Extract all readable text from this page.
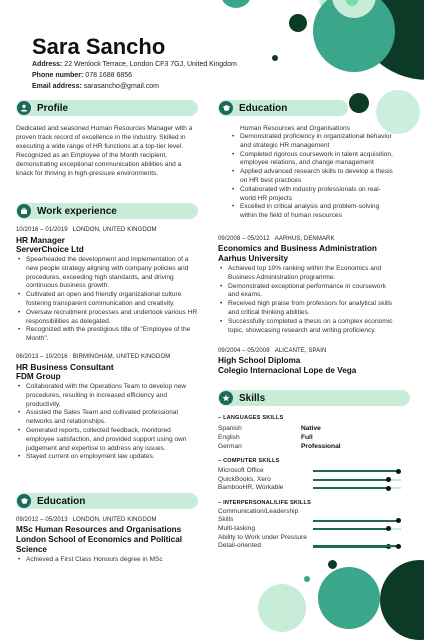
Sara Sancho
Address: 22 Wenlock Terrace, London CF3 7GJ, United Kingdom
Phone number: 078 1688 6856
Email address: sarasancho@gmail.com
Profile
Dedicated and seasoned Human Resources Manager with a proven track record of excellence in the industry. Skilled in executing a wide range of HR functions at a top-tier level. Recognized as an Employee of the Month recipient, demonstrating exceptional communication abilities and a knack for thriving in high-pressure environments.
Work experience
10/2016 – 01/2019 LONDON, UNITED KINGDOM
HR Manager
ServerChoice Ltd
• Spearheaded the development and implementation of a new people strategy aligning with company policies and procedures, exceeding high standards, and driving continuous business growth.
• Cultivated an open and friendly organizational culture fostering transparent communication and creativity.
• Oversaw recruitment processes and undertook various HR responsibilities as delegated.
• Recognized with the prestigious title of "Employee of the Month".
06/2013 – 10/2016 BIRMINGHAM, UNITED KINGDOM
HR Business Consultant
FDM Group
• Collaborated with the Operations Team to develop new procedures, resulting in increased efficiency and productivity.
• Assisted the Sales Team and cultivated professional networks and relationships.
• Generated reports, collected feedback, monitored employee satisfaction, and provided support using own judgement and expertise to address any issues.
• Stayed current on employment law updates.
Education
09/2012 – 05/2013 LONDON, UNITED KINGDOM
MSc Human Resources and Organisations
London School of Economics and Political Science
• Achieved a First Class Honours degree in MSc
Education
Human Resources and Organisations
• Demonstrated proficiency in organizational behavior and strategic HR management
• Completed rigorous coursework in talent acquisition, employee relations, and change management
• Applied advanced research skills to develop a thesis on HR best practices
• Collaborated with industry professionals on real-world HR projects
• Excelled in critical analysis and problem-solving within the field of human resources
09/2008 – 05/2012 AARHUS, DENMARK
Economics and Business Administration
Aarhus University
• Achieved top 10% ranking within the Economics and Business Administration programme.
• Demonstrated exceptional performance in coursework and exams.
• Received high praise from professors for analytical skills and critical thinking abilities.
• Successfully completed a thesis on a complex economic topic, showcasing research and writing proficiency.
09/2004 – 05/2008 ALICANTE, SPAIN
High School Diploma
Colegio Internacional Lope de Vega
Skills
– LANGUAGES SKILLS
Spanish	Native
English	Full
German	Professional
– COMPUTER SKILLS
Microsoft Office
QuickBooks, Xero
BambooHR, Workable
– INTERPERSONAL/LIFE SKILLS
Communication/Leadership Skills
Multi-tasking
Ability to Work under Pressure
Detail-oriented
